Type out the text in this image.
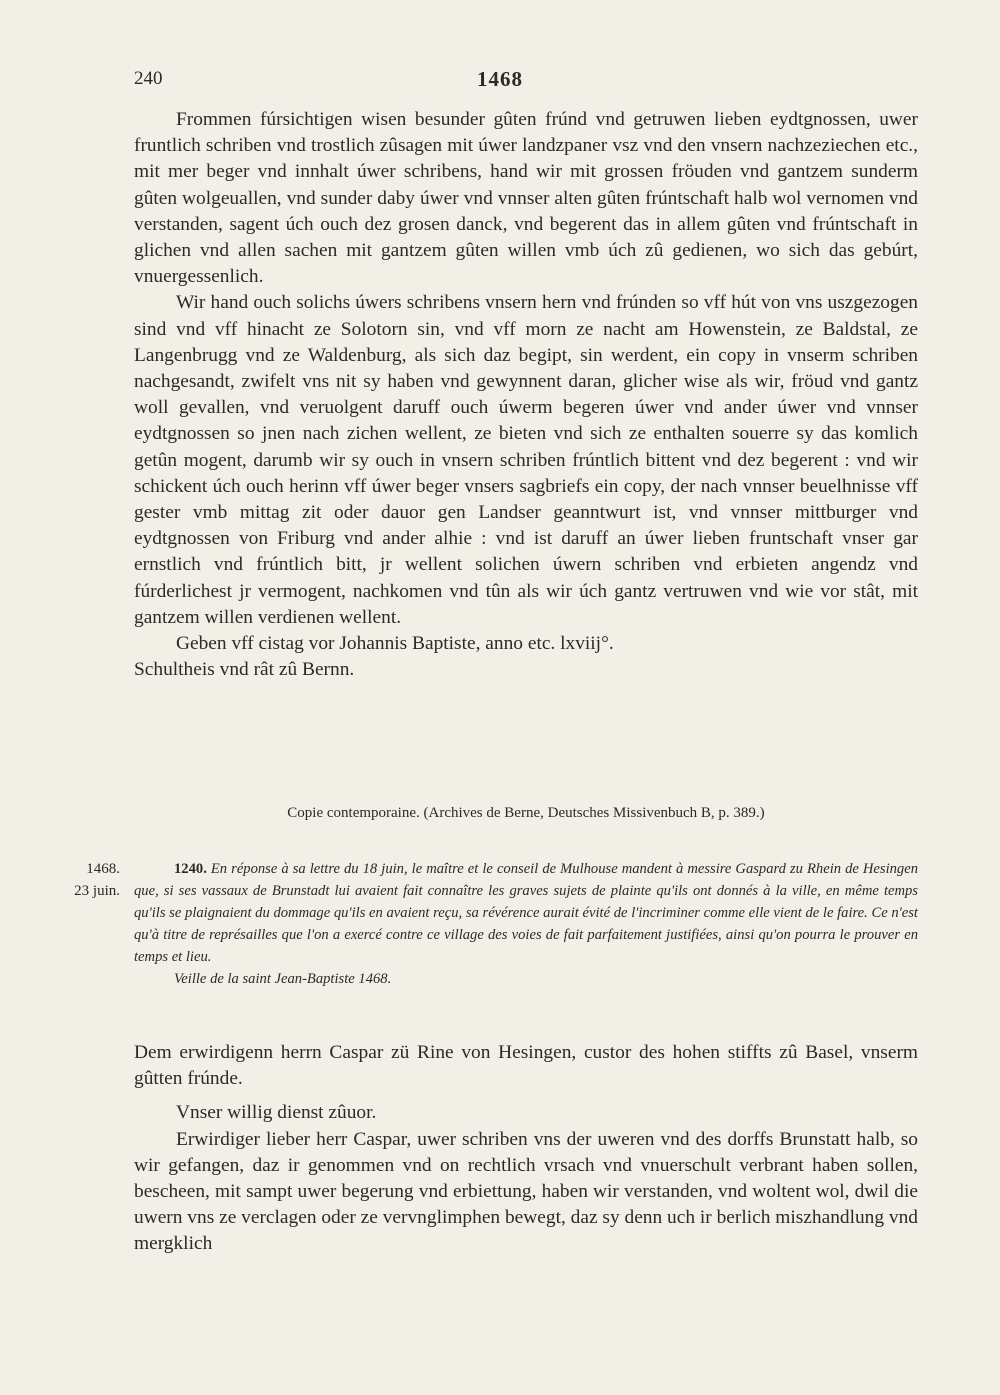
240	1468

Frommen fúrsichtigen wisen besunder gûten frúnd vnd getruwen lieben eydtgnossen, uwer fruntlich schriben vnd trostlich zûsagen mit úwer landzpaner vsz vnd den vnsern nachzeziechen etc., mit mer beger vnd innhalt úwer schribens, hand wir mit grossen fröuden vnd gantzem sunderm gûten wolgeuallen, vnd sunder daby úwer vnd vnnser alten gûten frúntschaft halb wol vernomen vnd verstanden, sagent úch ouch dez grosen danck, vnd begerent das in allem gûten vnd frúntschaft in glichen vnd allen sachen mit gantzem gûten willen vmb úch zû gedienen, wo sich das gebúrt, vnuergessenlich.

Wir hand ouch solichs úwers schribens vnsern hern vnd frúnden so vff hút von vns uszgezogen sind vnd vff hinacht ze Solotorn sin, vnd vff morn ze nacht am Howenstein, ze Baldstal, ze Langenbrugg vnd ze Waldenburg, als sich daz begipt, sin werdent, ein copy in vnserm schriben nachgesandt, zwifelt vns nit sy haben vnd gewynnent daran, glicher wise als wir, fröud vnd gantz woll gevallen, vnd veruolgent daruff ouch úwerm begeren úwer vnd ander úwer vnd vnnser eydtgnossen so jnen nach zichen wellent, ze bieten vnd sich ze enthalten souerre sy das komlich getûn mogent, darumb wir sy ouch in vnsern schriben frúntlich bittent vnd dez begerent : vnd wir schickent úch ouch herinn vff úwer beger vnsers sagbriefs ein copy, der nach vnnser beuelhnisse vff gester vmb mittag zit oder dauor gen Landser geanntwurt ist, vnd vnnser mittburger vnd eydtgnossen von Friburg vnd ander alhie : vnd ist daruff an úwer lieben fruntschaft vnser gar ernstlich vnd frúntlich bitt, jr wellent solichen úwern schriben vnd erbieten angendz vnd fúrderlichest jr vermogent, nachkomen vnd tûn als wir úch gantz vertruwen vnd wie vor stât, mit gantzem willen verdienen wellent.

Geben vff cistag vor Johannis Baptiste, anno etc. lxviij°.

Schultheis vnd rât zû Bernn.

Copie contemporaine. (Archives de Berne, Deutsches Missivenbuch B, p. 389.)
1468.
23 juin.

1240. En réponse à sa lettre du 18 juin, le maître et le conseil de Mulhouse mandent à messire Gaspard zu Rhein de Hesingen que, si ses vassaux de Brunstadt lui avaient fait connaître les graves sujets de plainte qu'ils ont donnés à la ville, en même temps qu'ils se plaignaient du dommage qu'ils en avaient reçu, sa révérence aurait évité de l'incriminer comme elle vient de le faire. Ce n'est qu'à titre de représailles que l'on a exercé contre ce village des voies de fait parfaitement justifiées, ainsi qu'on pourra le prouver en temps et lieu.

Veille de la saint Jean-Baptiste 1468.

Dem erwirdigenn herrn Caspar zü Rine von Hesingen, custor des hohen stiffts zû Basel, vnserm gûtten frúnde.

Vnser willig dienst zûuor.

Erwirdiger lieber herr Caspar, uwer schriben vns der uweren vnd des dorffs Brunstatt halb, so wir gefangen, daz ir genommen vnd on rechtlich vrsach vnd vnuerschult verbrant haben sollen, bescheen, mit sampt uwer begerung vnd erbiettung, haben wir verstanden, vnd woltent wol, dwil die uwern vns ze verclagen oder ze vervnglimphen bewegt, daz sy denn uch ir berlich miszhandlung vnd mergklich
